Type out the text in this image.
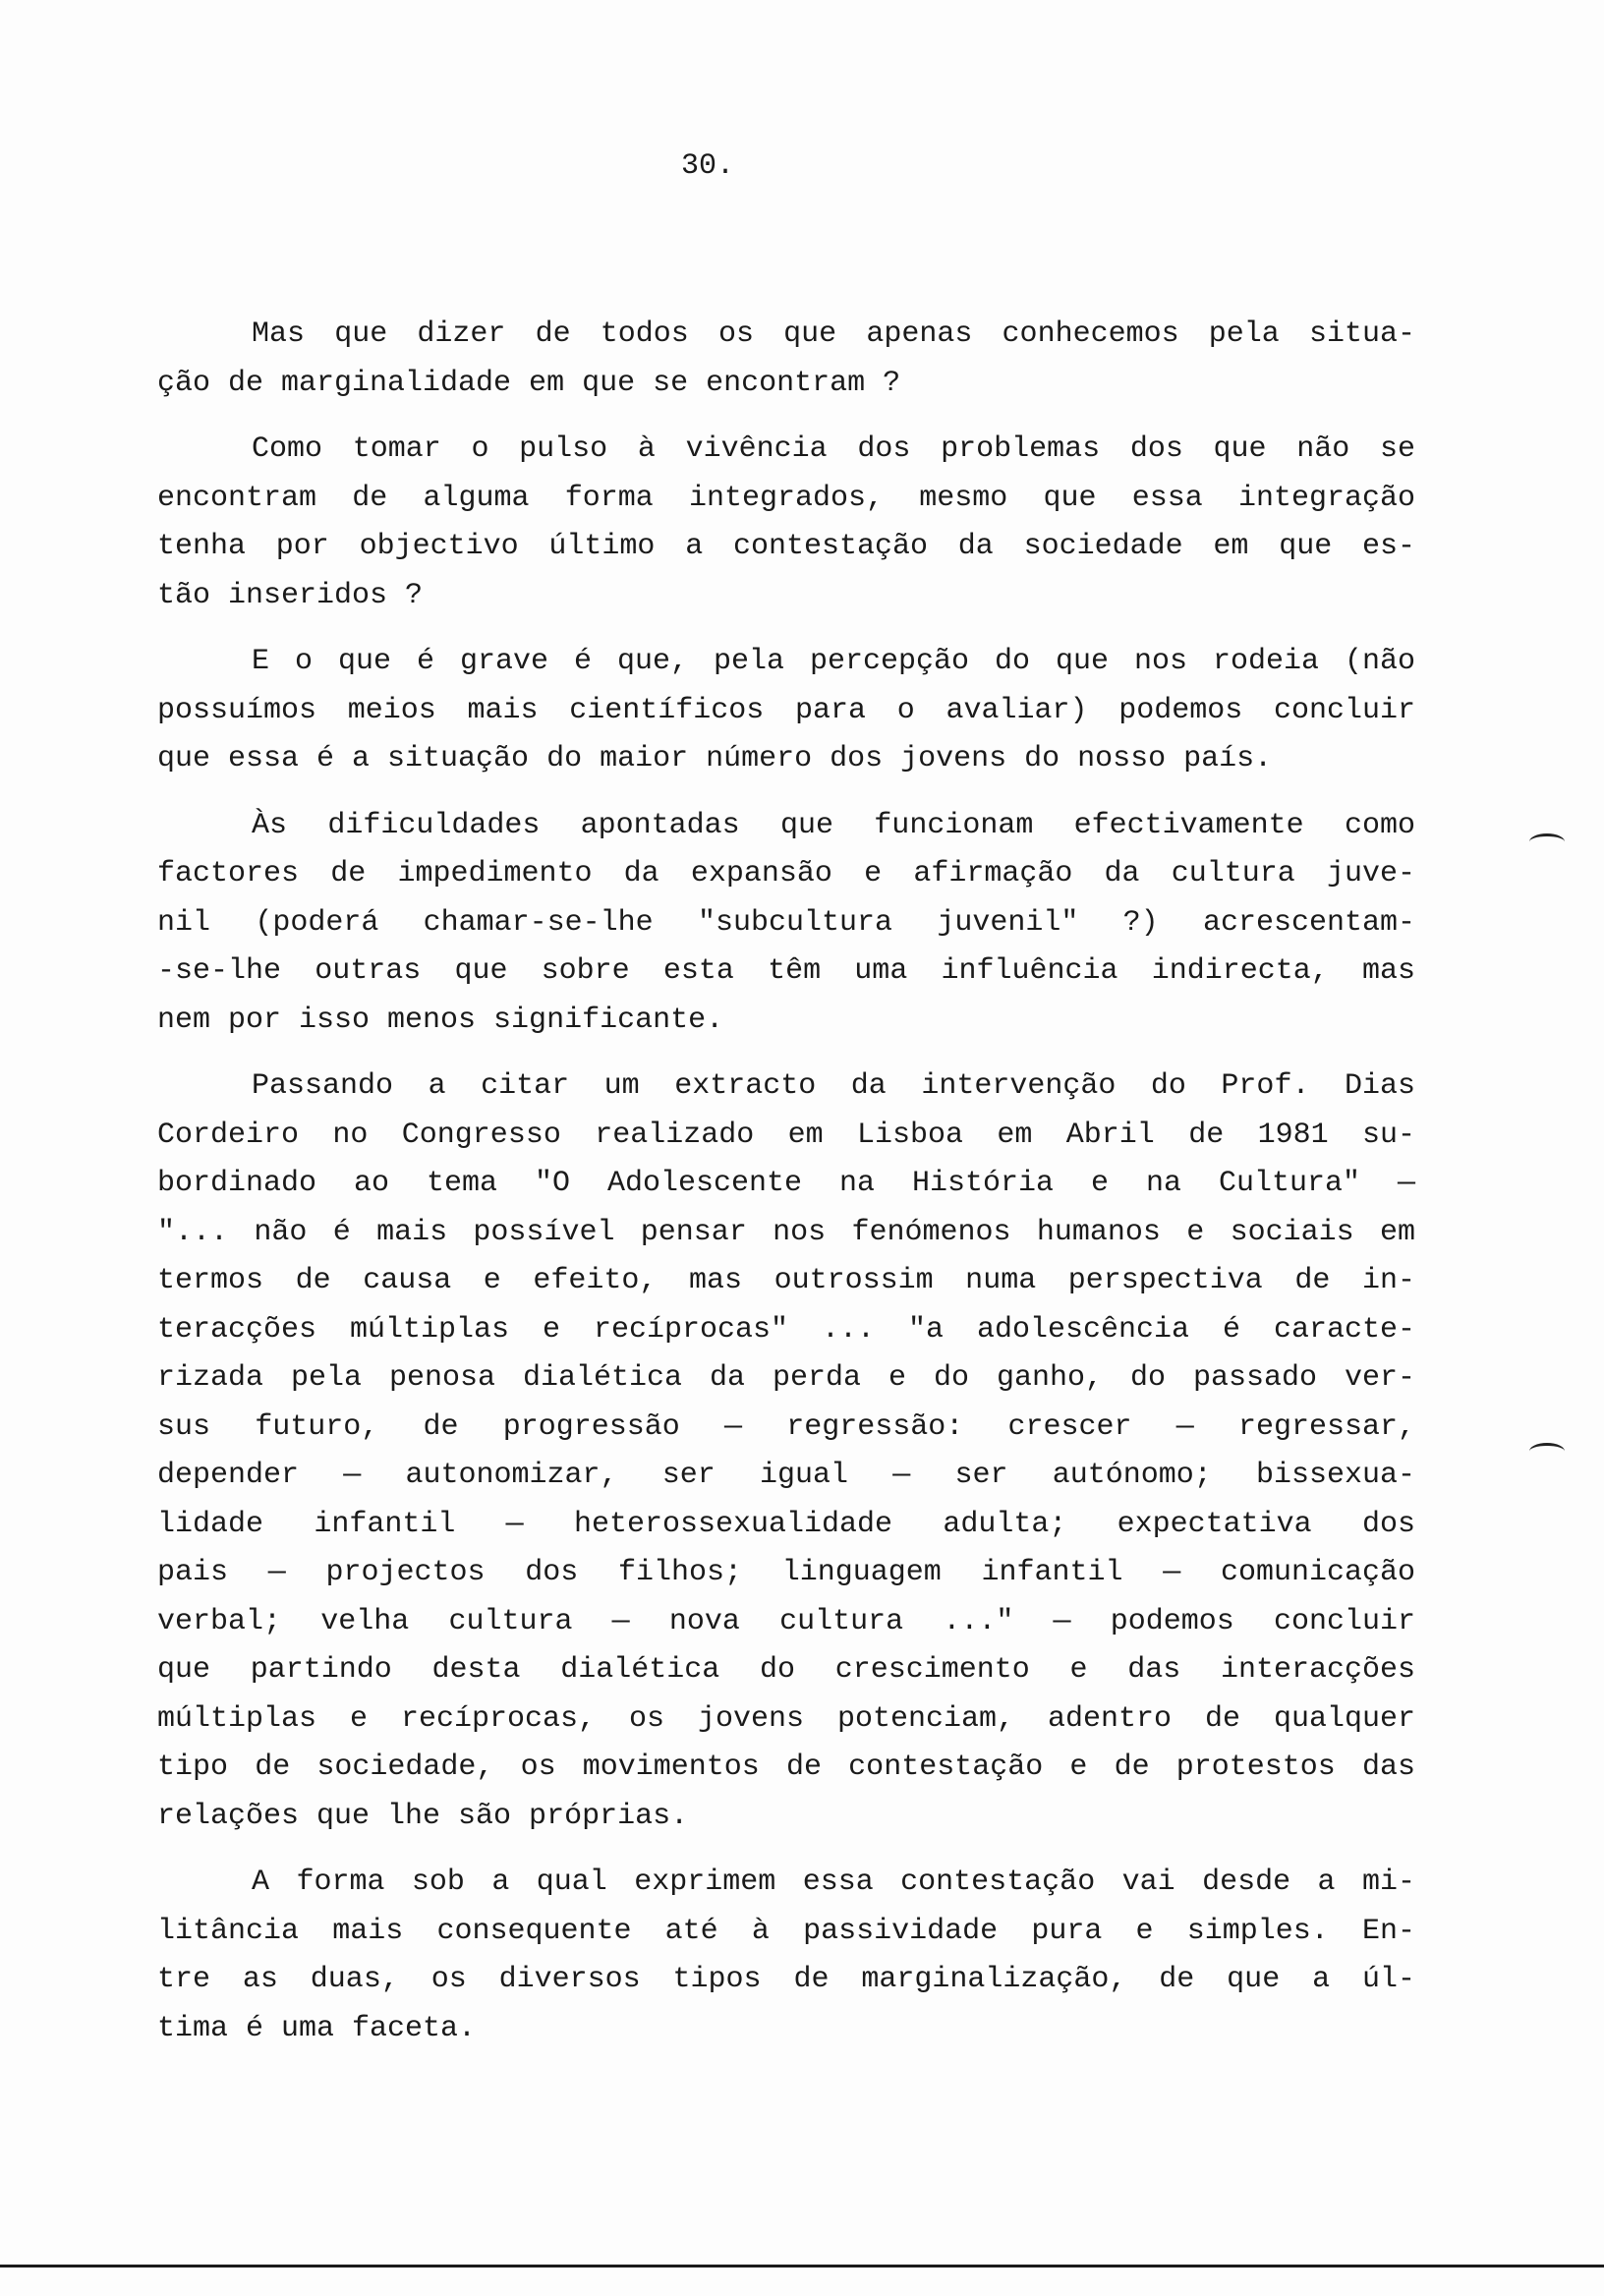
30.
Mas que dizer de todos os que apenas conhecemos pela situa-
ção de marginalidade em que se encontram ?
Como tomar o pulso à vivência dos problemas dos que não se
encontram de alguma forma integrados, mesmo que essa integração
tenha por objectivo último a contestação da sociedade em que es-
tão inseridos ?
E o que é grave é que, pela percepção do que nos rodeia (não
possuímos meios mais científicos para o avaliar) podemos concluir
que essa é a situação do maior número dos jovens do nosso país.
Às dificuldades apontadas que funcionam efectivamente como
factores de impedimento da expansão e afirmação da cultura juve-
nil (poderá chamar-se-lhe "subcultura juvenil" ?) acrescentam-
-se-lhe outras que sobre esta têm uma influência indirecta, mas
nem por isso menos significante.
Passando a citar um extracto da intervenção do Prof. Dias
Cordeiro no Congresso realizado em Lisboa em Abril de 1981 su-
bordinado ao tema "O Adolescente na História e na Cultura" —
"... não é mais possível pensar nos fenómenos humanos e sociais em
termos de causa e efeito, mas outrossim numa perspectiva de in-
teracções múltiplas e recíprocas" ... "a adolescência é caracte-
rizada pela penosa dialética da perda e do ganho, do passado ver-
sus futuro, de progressão — regressão: crescer — regressar,
depender — autonomizar, ser igual — ser autónomo; bissexua-
lidade infantil — heterossexualidade adulta; expectativa dos
pais — projectos dos filhos; linguagem infantil — comunicação
verbal; velha cultura — nova cultura ..." — podemos concluir
que partindo desta dialética do crescimento e das interacções
múltiplas e recíprocas, os jovens potenciam, adentro de qualquer
tipo de sociedade, os movimentos de contestação e de protestos das
relações que lhe são próprias.
A forma sob a qual exprimem essa contestação vai desde a mi-
litância mais consequente até à passividade pura e simples. En-
tre as duas, os diversos tipos de marginalização, de que a úl-
tima é uma faceta.
